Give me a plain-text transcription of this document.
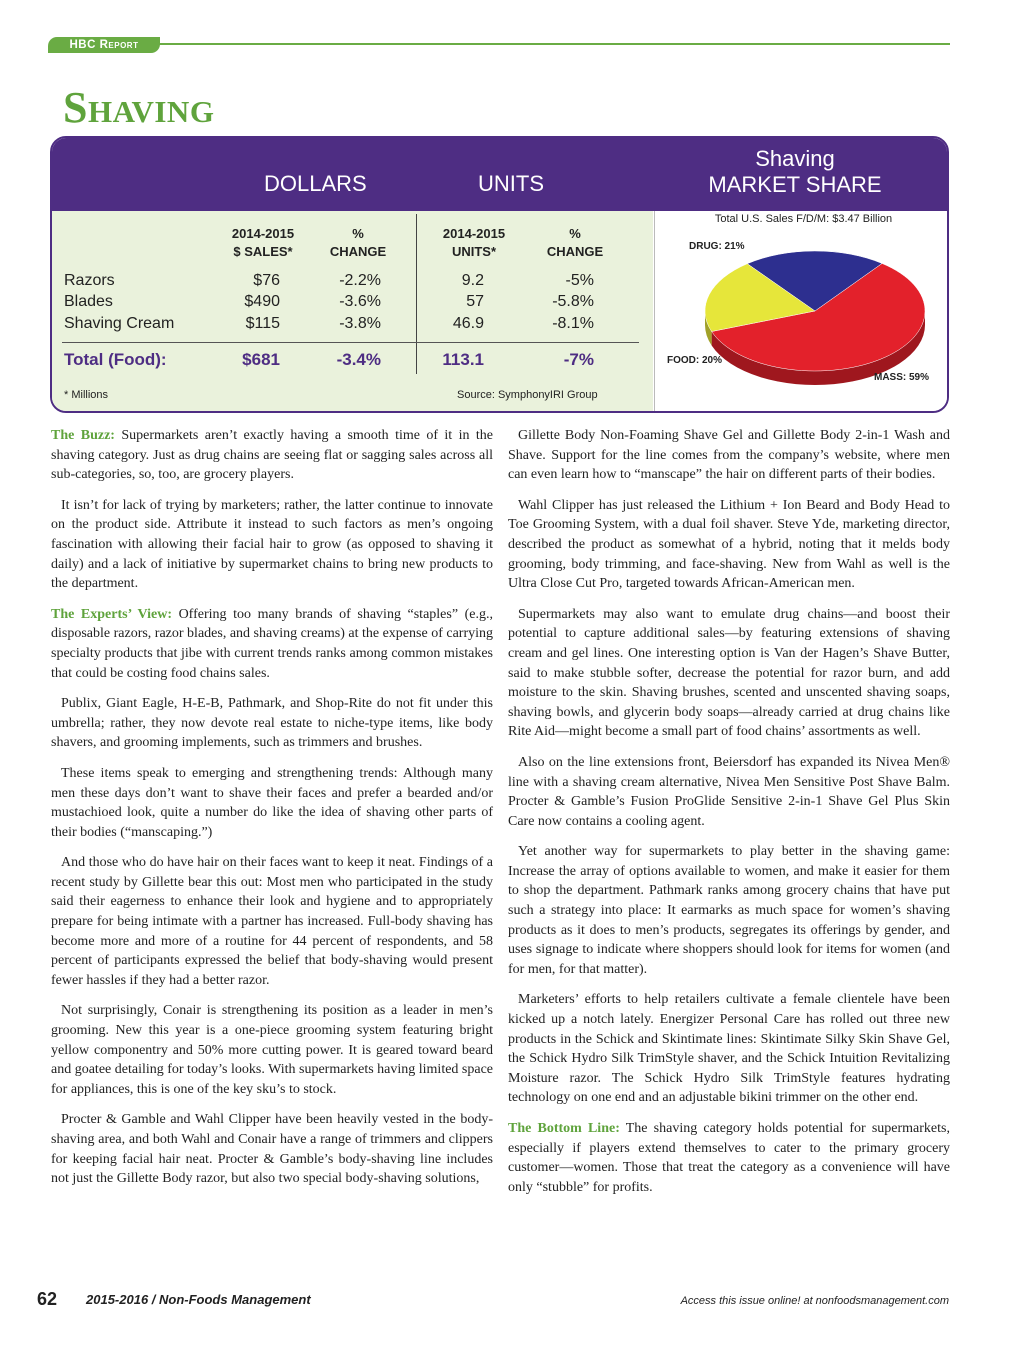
HBC Report
Shaving
DOLLARS	UNITS
Shaving
MARKET SHARE
2014-2015
$ SALES*
%
CHANGE
2014-2015
UNITS*
%
CHANGE
Razors	$76	-2.2%	9.2	-5%
Blades	$490	-3.6%	57	-5.8%
Shaving Cream	$115	-3.8%	46.9	-8.1%
Total (Food):	$681	-3.4%	113.1	-7%
* Millions	Source: SymphonyIRI Group
Total U.S. Sales F/D/M: $3.47 Billion
DRUG: 21%
MASS: 59%
FOOD: 20%

The Buzz: Supermarkets aren’t exactly having a smooth time of it in the shaving category. Just as drug chains are seeing flat or sagging sales across all sub-categories, so, too, are grocery players.

It isn’t for lack of trying by marketers; rather, the latter continue to innovate on the product side. Attribute it instead to such factors as men’s ongoing fascination with allowing their facial hair to grow (as opposed to shaving it daily) and a lack of initiative by supermarket chains to bring new products to the department.

The Experts’ View: Offering too many brands of shaving “staples” (e.g., disposable razors, razor blades, and shaving creams) at the expense of carrying specialty products that jibe with current trends ranks among common mistakes that could be costing food chains sales.

Publix, Giant Eagle, H-E-B, Pathmark, and Shop-Rite do not fit under this umbrella; rather, they now devote real estate to niche-type items, like body shavers, and grooming implements, such as trimmers and brushes.

These items speak to emerging and strengthening trends: Although many men these days don’t want to shave their faces and prefer a bearded and/or mustachioed look, quite a number do like the idea of shaving other parts of their bodies (“manscaping.”)

And those who do have hair on their faces want to keep it neat. Findings of a recent study by Gillette bear this out: Most men who participated in the study said their eagerness to enhance their look and hygiene and to appropriately prepare for being intimate with a partner has increased. Full-body shaving has become more and more of a routine for 44 percent of respondents, and 58 percent of participants expressed the belief that body-shaving would present fewer hassles if they had a better razor.

Not surprisingly, Conair is strengthening its position as a leader in men’s grooming. New this year is a one-piece grooming system featuring bright yellow componentry and 50% more cutting power. It is geared toward beard and goatee detailing for today’s looks. With supermarkets having limited space for appliances, this is one of the key sku’s to stock.

Procter & Gamble and Wahl Clipper have been heavily vested in the body-shaving area, and both Wahl and Conair have a range of trimmers and clippers for keeping facial hair neat. Procter & Gamble’s body-shaving line includes not just the Gillette Body razor, but also two special body-shaving solutions,

Gillette Body Non-Foaming Shave Gel and Gillette Body 2-in-1 Wash and Shave. Support for the line comes from the company’s website, where men can even learn how to “manscape” the hair on different parts of their bodies.

Wahl Clipper has just released the Lithium + Ion Beard and Body Head to Toe Grooming System, with a dual foil shaver. Steve Yde, marketing director, described the product as somewhat of a hybrid, noting that it melds body grooming, body trimming, and face-shaving. New from Wahl as well is the Ultra Close Cut Pro, targeted towards African-American men.

Supermarkets may also want to emulate drug chains—and boost their potential to capture additional sales—by featuring extensions of shaving cream and gel lines. One interesting option is Van der Hagen’s Shave Butter, said to make stubble softer, decrease the potential for razor burn, and add moisture to the skin. Shaving brushes, scented and unscented shaving soaps, shaving bowls, and glycerin body soaps—already carried at drug chains like Rite Aid—might become a small part of food chains’ assortments as well.

Also on the line extensions front, Beiersdorf has expanded its Nivea Men® line with a shaving cream alternative, Nivea Men Sensitive Post Shave Balm. Procter & Gamble’s Fusion ProGlide Sensitive 2-in-1 Shave Gel Plus Skin Care now contains a cooling agent.

Yet another way for supermarkets to play better in the shaving game: Increase the array of options available to women, and make it easier for them to shop the department. Pathmark ranks among grocery chains that have put such a strategy into place: It earmarks as much space for women’s shaving products as it does to men’s products, segregates its offerings by gender, and uses signage to indicate where shoppers should look for items for women (and for men, for that matter).

Marketers’ efforts to help retailers cultivate a female clientele have been kicked up a notch lately. Energizer Personal Care has rolled out three new products in the Schick and Skintimate lines: Skintimate Silky Skin Shave Gel, the Schick Hydro Silk TrimStyle shaver, and the Schick Intuition Revitalizing Moisture razor. The Schick Hydro Silk TrimStyle features hydrating technology on one end and an adjustable bikini trimmer on the other end.

The Bottom Line: The shaving category holds potential for supermarkets, especially if players extend themselves to cater to the primary grocery customer—women. Those that treat the category as a convenience will have only “stubble” for profits.

62 2015-2016 / Non-Foods Management	Access this issue online! at nonfoodsmanagement.com
